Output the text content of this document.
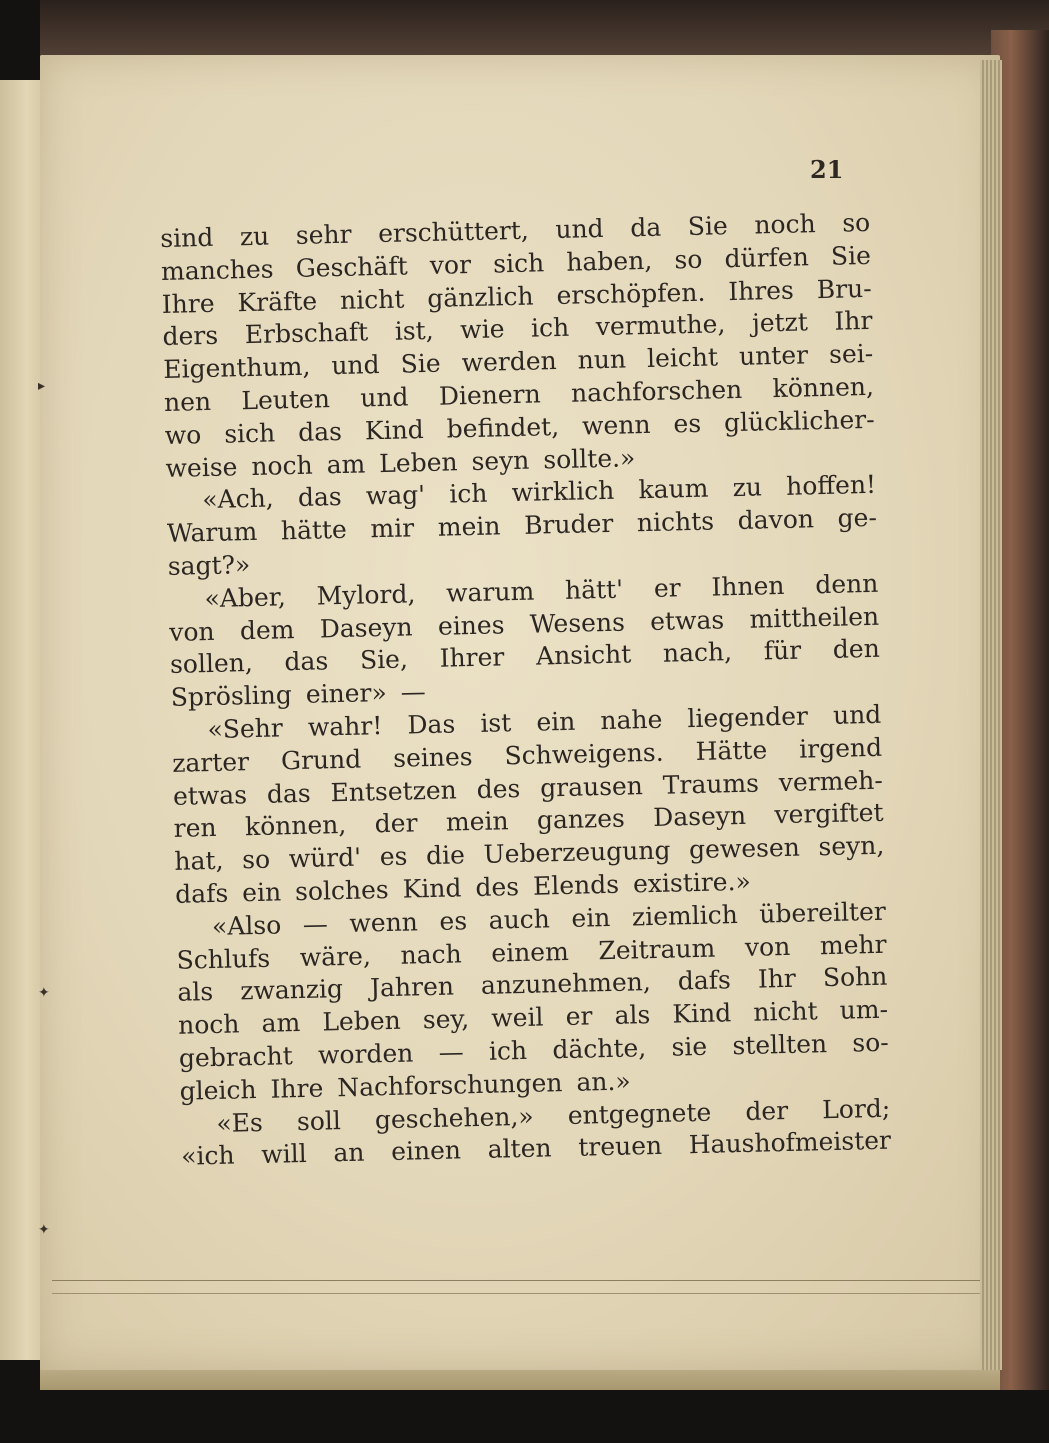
21
sind zu sehr erschüttert, und da Sie noch so
manches Geschäft vor sich haben, so dürfen Sie
Ihre Kräfte nicht gänzlich erschöpfen. Ihres Bru-
ders Erbschaft ist, wie ich vermuthe, jetzt Ihr
Eigenthum, und Sie werden nun leicht unter sei-
nen Leuten und Dienern nachforschen können,
wo sich das Kind befindet, wenn es glücklicher-
weise noch am Leben seyn sollte.»
«Ach, das wag' ich wirklich kaum zu hoffen!
Warum hätte mir mein Bruder nichts davon ge-
sagt?»
«Aber, Mylord, warum hätt' er Ihnen denn
von dem Daseyn eines Wesens etwas mittheilen
sollen, das Sie, Ihrer Ansicht nach, für den
Sprösling einer» —
«Sehr wahr! Das ist ein nahe liegender und
zarter Grund seines Schweigens. Hätte irgend
etwas das Entsetzen des grausen Traums vermeh-
ren können, der mein ganzes Daseyn vergiftet
hat, so würd' es die Ueberzeugung gewesen seyn,
dafs ein solches Kind des Elends existire.»
«Also — wenn es auch ein ziemlich übereilter
Schlufs wäre, nach einem Zeitraum von mehr
als zwanzig Jahren anzunehmen, dafs Ihr Sohn
noch am Leben sey, weil er als Kind nicht um-
gebracht worden — ich dächte, sie stellten so-
gleich Ihre Nachforschungen an.»
«Es soll geschehen,» entgegnete der Lord;
«ich will an einen alten treuen Haushofmeister
▸
✦
✦
